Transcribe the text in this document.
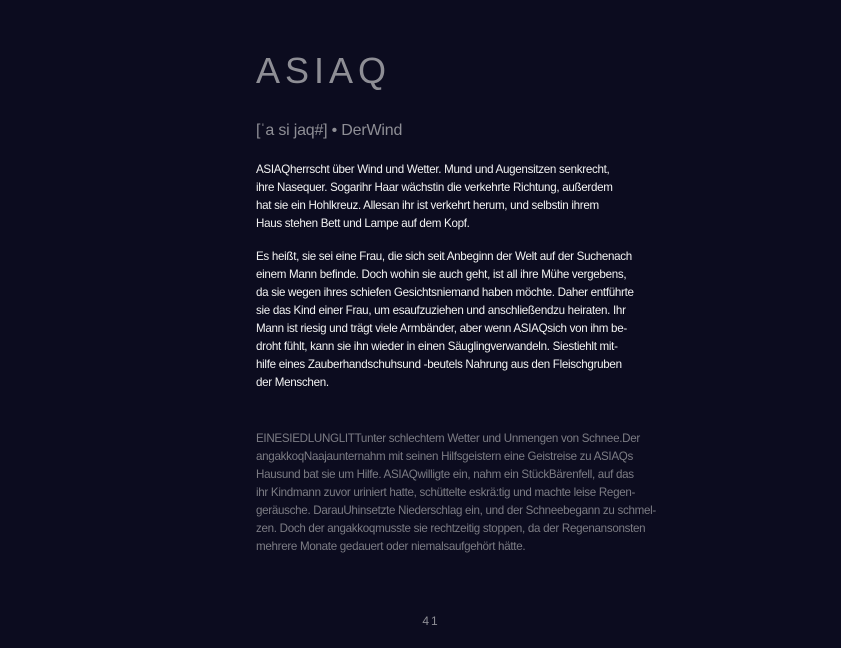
ASIAQ
[ˈa si jaq#] • DerWind

ASIAQherrscht über Wind und Wetter. Mund und Augensitzen senkrecht,
ihre Nasequer. Sogarihr Haar wächstin die verkehrte Richtung, außerdem
hat sie ein Hohlkreuz. Allesan ihr ist verkehrt herum, und selbstin ihrem
Haus stehen Bett und Lampe auf dem Kopf.

Es heißt, sie sei eine Frau, die sich seit Anbeginn der Welt auf der Suchenach
einem Mann befinde. Doch wohin sie auch geht, ist all ihre Mühe vergebens,
da sie wegen ihres schiefen Gesichtsniemand haben möchte. Daher entführte
sie das Kind einer Frau, um esaufzuziehen und anschließendzu heiraten. Ihr
Mann ist riesig und trägt viele Armbänder, aber wenn ASIAQsich von ihm be-
droht fühlt, kann sie ihn wieder in einen Säuglingverwandeln. Siestiehlt mit-
hilfe eines Zauberhandschuhsund -beutels Nahrung aus den Fleischgruben
der Menschen.

EINESIEDLUNGLITTunter schlechtem Wetter und Unmengen von Schnee.Der
angakkoqNaajaunternahm mit seinen Hilfsgeistern eine Geistreise zu ASIAQs
Hausund bat sie um Hilfe. ASIAQwilligte ein, nahm ein StückBärenfell, auf das
ihr Kindmann zuvor uriniert hatte, schüttelte eskrä:tig und machte leise Regen-
geräusche. DarauUhinsetzte Niederschlag ein, und der Schneebegann zu schmel-
zen. Doch der angakkoqmusste sie rechtzeitig stoppen, da der Regenansonsten
mehrere Monate gedauert oder niemalsaufgehört hätte.

41
